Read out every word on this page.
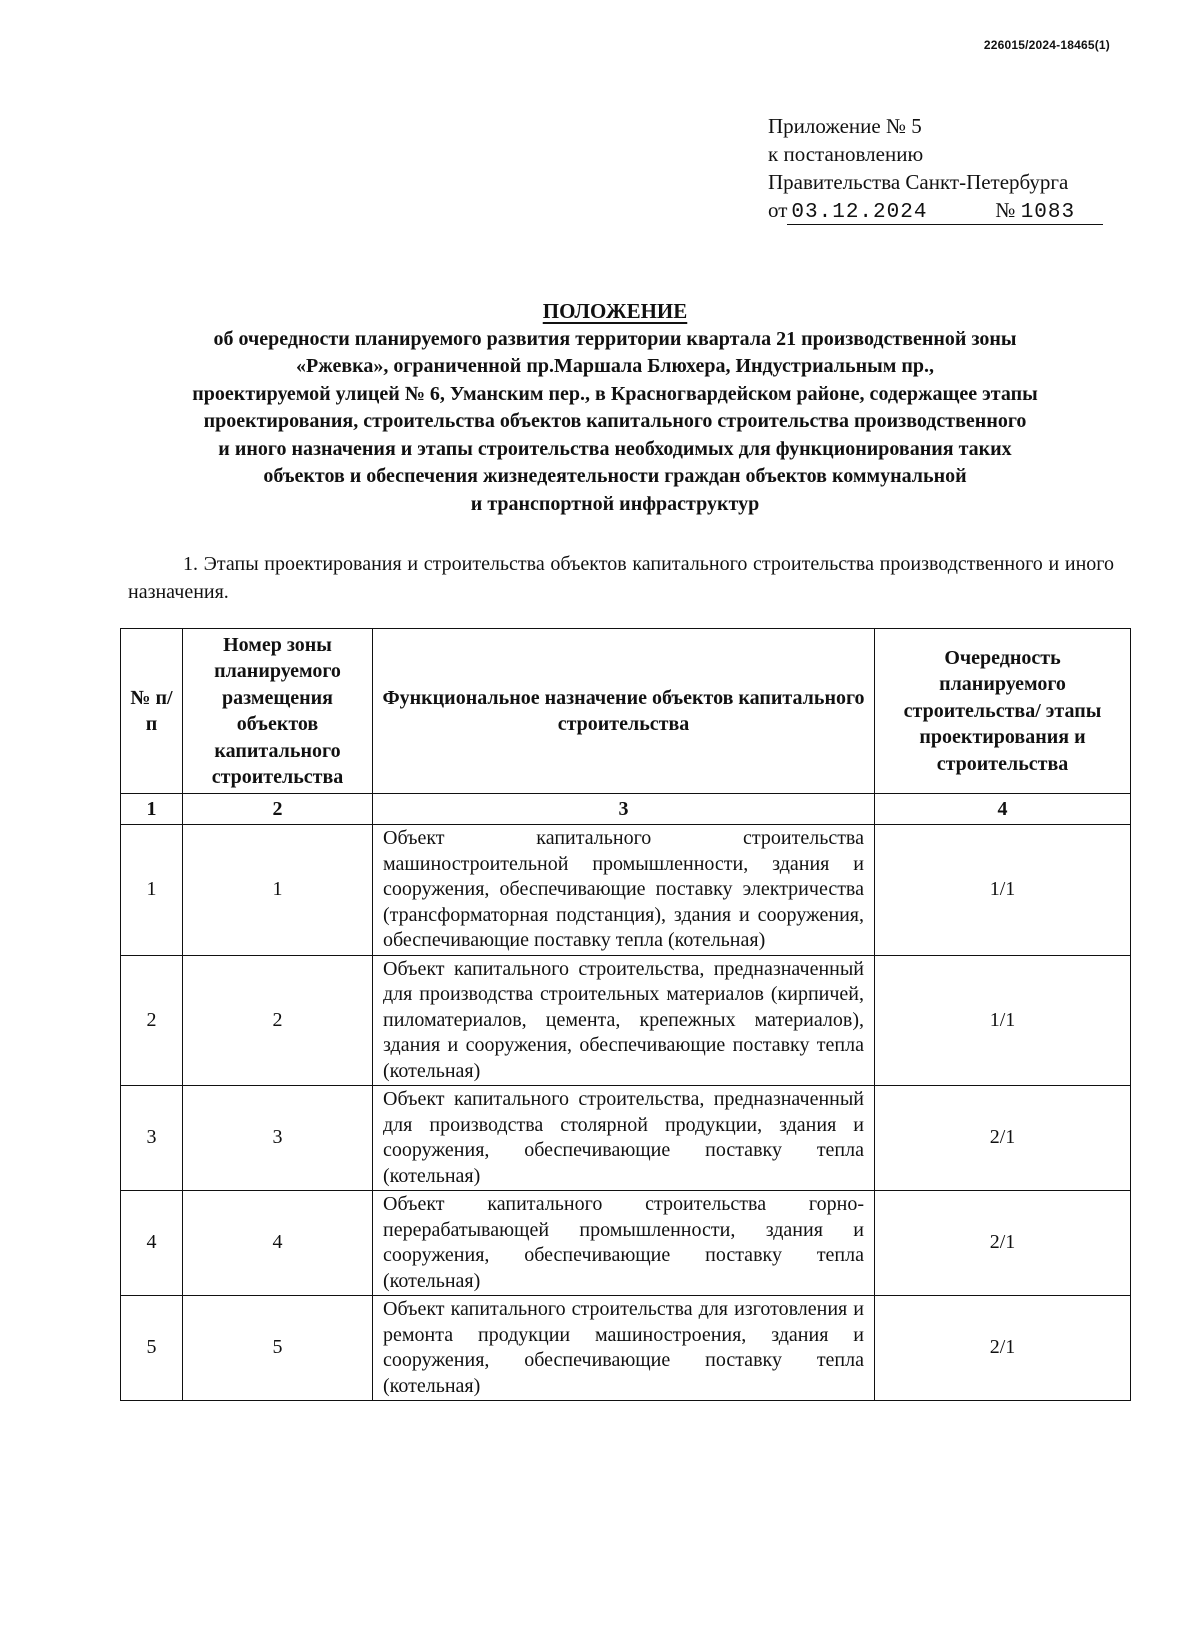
226015/2024-18465(1)
Приложение № 5
к постановлению
Правительства Санкт-Петербурга
от 03.12.2024	№ 1083
ПОЛОЖЕНИЕ
об очередности планируемого развития территории квартала 21 производственной зоны
«Ржевка», ограниченной пр.Маршала Блюхера, Индустриальным пр.,
проектируемой улицей № 6, Уманским пер., в Красногвардейском районе, содержащее этапы
проектирования, строительства объектов капитального строительства производственного
и иного назначения и этапы строительства необходимых для функционирования таких
объектов и обеспечения жизнедеятельности граждан объектов коммунальной
и транспортной инфраструктур
1. Этапы проектирования и строительства объектов капитального строительства производственного и иного назначения.
№ п/п	Номер зоны планируемого размещения объектов капитального строительства	Функциональное назначение объектов капитального строительства	Очередность планируемого строительства/ этапы проектирования и строительства
1	2	3	4
1	1	Объект капитального строительства машиностроительной промышленности, здания и сооружения, обеспечивающие поставку электричества (трансформаторная подстанция), здания и сооружения, обеспечивающие поставку тепла (котельная)	1/1
2	2	Объект капитального строительства, предназначенный для производства строительных материалов (кирпичей, пиломатериалов, цемента, крепежных материалов), здания и сооружения, обеспечивающие поставку тепла (котельная)	1/1
3	3	Объект капитального строительства, предназначенный для производства столярной продукции, здания и сооружения, обеспечивающие поставку тепла (котельная)	2/1
4	4	Объект капитального строительства горно-перерабатывающей промышленности, здания и сооружения, обеспечивающие поставку тепла (котельная)	2/1
5	5	Объект капитального строительства для изготовления и ремонта продукции машиностроения, здания и сооружения, обеспечивающие поставку тепла (котельная)	2/1
